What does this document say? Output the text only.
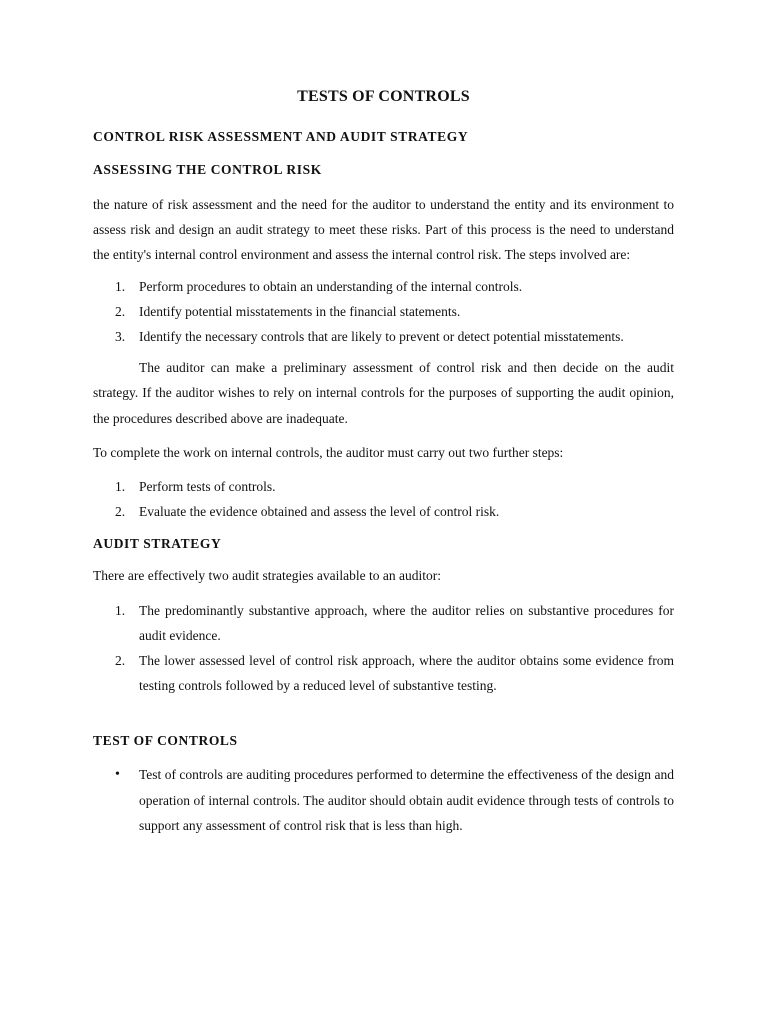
TESTS OF CONTROLS
CONTROL RISK ASSESSMENT AND AUDIT STRATEGY
ASSESSING THE CONTROL RISK

the nature of risk assessment and the need for the auditor to understand the entity and its environment to assess risk and design an audit strategy to meet these risks. Part of this process is the need to understand the entity's internal control environment and assess the internal control risk. The steps involved are:

1. Perform procedures to obtain an understanding of the internal controls.
2. Identify potential misstatements in the financial statements.
3. Identify the necessary controls that are likely to prevent or detect potential misstatements.

The auditor can make a preliminary assessment of control risk and then decide on the audit strategy. If the auditor wishes to rely on internal controls for the purposes of supporting the audit opinion, the procedures described above are inadequate.

To complete the work on internal controls, the auditor must carry out two further steps:

1. Perform tests of controls.
2. Evaluate the evidence obtained and assess the level of control risk.
AUDIT STRATEGY

There are effectively two audit strategies available to an auditor:

1. The predominantly substantive approach, where the auditor relies on substantive procedures for audit evidence.
2. The lower assessed level of control risk approach, where the auditor obtains some evidence from testing controls followed by a reduced level of substantive testing.
TEST OF CONTROLS
• Test of controls are auditing procedures performed to determine the effectiveness of the design and operation of internal controls. The auditor should obtain audit evidence through tests of controls to support any assessment of control risk that is less than high.
